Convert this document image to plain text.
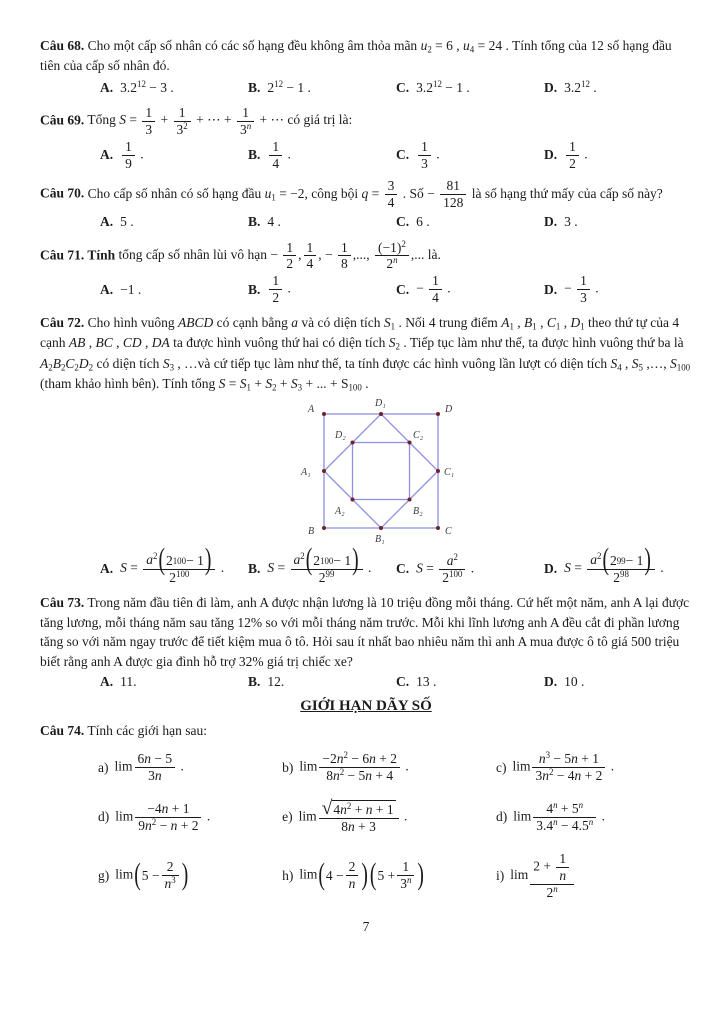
Câu 68. Cho một cấp số nhân có các số hạng đều không âm thỏa mãn $u_2 = 6$ , $u_4 = 24$ . Tính tổng của 12 số hạng đầu tiên của cấp số nhân đó.

A. $3.2^{12} - 3$ .	B. $2^{12} - 1$ .	C. $3.2^{12} - 1$ .	D. $3.2^{12}$ .

Câu 69. Tổng $S = \frac{1}{3} + \frac{1}{3^2}$ + ⋯ + $\frac{1}{3^n}$ + ⋯ có giá trị là:

A. $\frac{1}{9}$ .	B. $\frac{1}{4}$ .	C. $\frac{1}{3}$ .	D. $\frac{1}{2}$ .

Câu 70. Cho cấp số nhân có số hạng đầu $u_1 = -2$, công bội $q = \frac{3}{4}$ . Số − $\frac{81}{128}$ là số hạng thứ mấy của cấp số này?

A. 5 .	B. 4 .	C. 6 .	D. 3 .

Câu 71. Tính tổng cấp số nhân lùi vô hạn − $\frac{1}{2}$ , $\frac{1}{4}$ , − $\frac{1}{8}$ ,..., $\frac{(-1)^2}{2^n}$ ,... là.

A. −1 .	B. $\frac{1}{2}$ .	C. − $\frac{1}{4}$ .	D. − $\frac{1}{3}$ .

Câu 72. Cho hình vuông ABCD có cạnh bằng a và có diện tích $S_1$ . Nối 4 trung điểm $A_1$ , $B_1$ , $C_1$ , $D_1$ theo thứ tự của 4 cạnh AB , BC , CD , DA ta được hình vuông thứ hai có diện tích $S_2$ . Tiếp tục làm như thế, ta được hình vuông thứ ba là $A_2B_2C_2D_2$ có diện tích $S_3$ , …và cứ tiếp tục làm như thế, ta tính được các hình vuông lần lượt có diện tích $S_4$ , $S_5$ ,…, $S_{100}$ (tham khảo hình bên). Tính tổng $S = S_1 + S_2 + S_3$ + ... + $S_{100}$ .

A	D
B	C
D₁
A₁	C₁
B₁
D₂	C₂
A₂	B₂
A. $S = \frac{a^2 ( 2 100 - 1 )}{2^{100}}$ . B. $S = \frac{a^2 ( 2 100 - 1 )}{2^{99}}$ . C. $S = \frac{a^2}{2^{100}}$ .	D. $S = \frac{a^2 ( 2 99 - 1 )}{2^{98}}$ .

Câu 73. Trong năm đầu tiên đi làm, anh A được nhận lương là 10 triệu đồng mỗi tháng. Cứ hết một năm, anh A lại được tăng lương, mỗi tháng năm sau tăng 12% so với mỗi tháng năm trước. Mỗi khi lĩnh lương anh A đều cắt đi phần lương tăng so với năm ngay trước để tiết kiệm mua ô tô. Hỏi sau ít nhất bao nhiêu năm thì anh A mua được ô tô giá 500 triệu biết rằng anh A được gia đình hỗ trợ 32% giá trị chiếc xe?

A. 11.	B. 12.	C. 13 .	D. 10 .

GIỚI HẠN DÃY SỐ

Câu 74. Tính các giới hạn sau:

a) $\lim \frac{6n - 5}{3n}$ .	b) $\lim \frac{-2n^2 - 6n + 2}{8n^2 - 5n + 4}$ .	c) $\lim \frac{n^3 - 5n + 1}{3n^2 - 4n + 2}$ .
d) $\lim \frac{-4n + 1}{9n^2 - n + 2}$ .	e) $\lim \frac{√ 4n^2 + n + 1}{8n + 3}$ .	d) $\lim \frac{4^n + 5^n}{3.4^n - 4.5^n}$ .
g) lim ( $5 - \frac{2}{n^3}$ )	h) lim ( $4 - \frac{2}{n}$ ) ( $5 + \frac{1}{3^n}$ )	i) $\lim \frac{2 + \frac{1}{n}}{2^n}$

7
